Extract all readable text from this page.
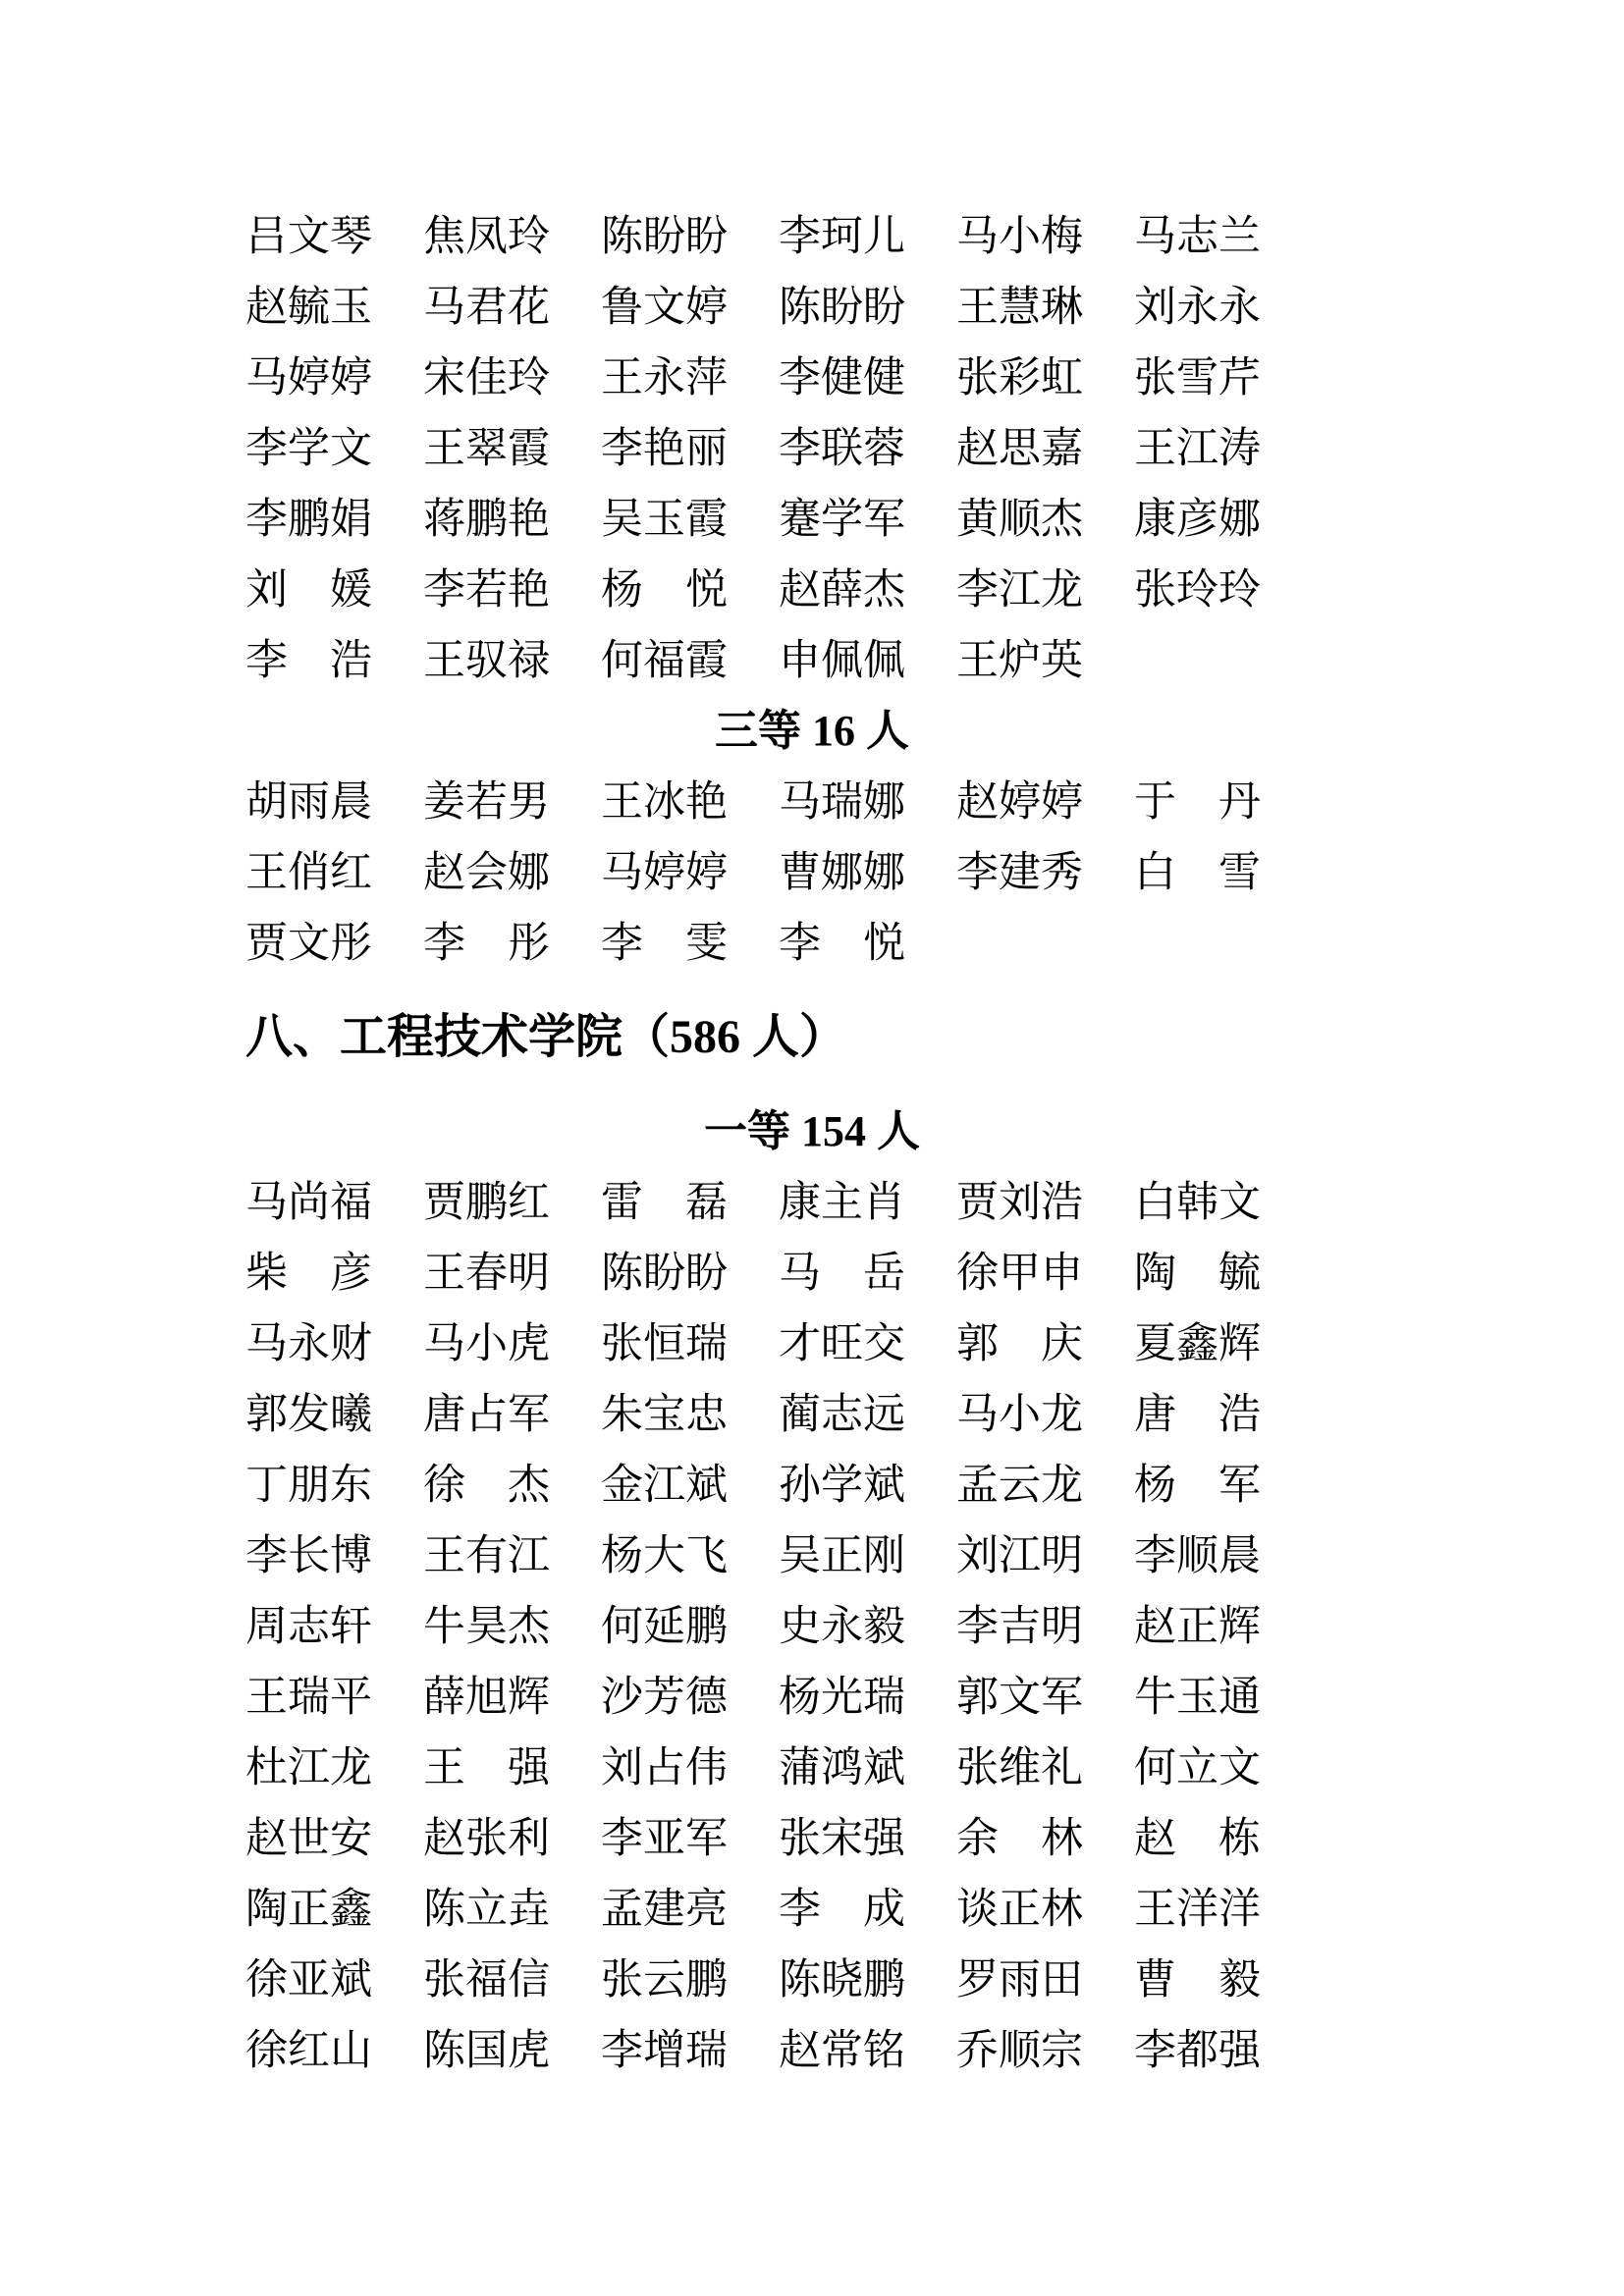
吕文琴 焦凤玲 陈盼盼 李珂儿 马小梅 马志兰
赵毓玉 马君花 鲁文婷 陈盼盼 王慧琳 刘永永
马婷婷 宋佳玲 王永萍 李健健 张彩虹 张雪芹
李学文 王翠霞 李艳丽 李联蓉 赵思嘉 王江涛
李鹏娟 蒋鹏艳 吴玉霞 蹇学军 黄顺杰 康彦娜
刘　媛 李若艳 杨　悦 赵薛杰 李江龙 张玲玲
李　浩 王驭禄 何福霞 申佩佩 王炉英
三等 16 人
胡雨晨 姜若男 王冰艳 马瑞娜 赵婷婷 于　丹
王俏红 赵会娜 马婷婷 曹娜娜 李建秀 白　雪
贾文彤 李　彤 李　雯 李　悦
八、工程技术学院（586 人）
一等 154 人
马尚福 贾鹏红 雷　磊 康主肖 贾刘浩 白韩文
柴　彦 王春明 陈盼盼 马　岳 徐甲申 陶　毓
马永财 马小虎 张恒瑞 才旺交 郭　庆 夏鑫辉
郭发曦 唐占军 朱宝忠 蔺志远 马小龙 唐　浩
丁朋东 徐　杰 金江斌 孙学斌 孟云龙 杨　军
李长博 王有江 杨大飞 吴正刚 刘江明 李顺晨
周志轩 牛昊杰 何延鹏 史永毅 李吉明 赵正辉
王瑞平 薛旭辉 沙芳德 杨光瑞 郭文军 牛玉通
杜江龙 王　强 刘占伟 蒲鸿斌 张维礼 何立文
赵世安 赵张利 李亚军 张宋强 余　林 赵　栋
陶正鑫 陈立垚 孟建亮 李　成 谈正林 王洋洋
徐亚斌 张福信 张云鹏 陈晓鹏 罗雨田 曹　毅
徐红山 陈国虎 李增瑞 赵常铭 乔顺宗 李都强
